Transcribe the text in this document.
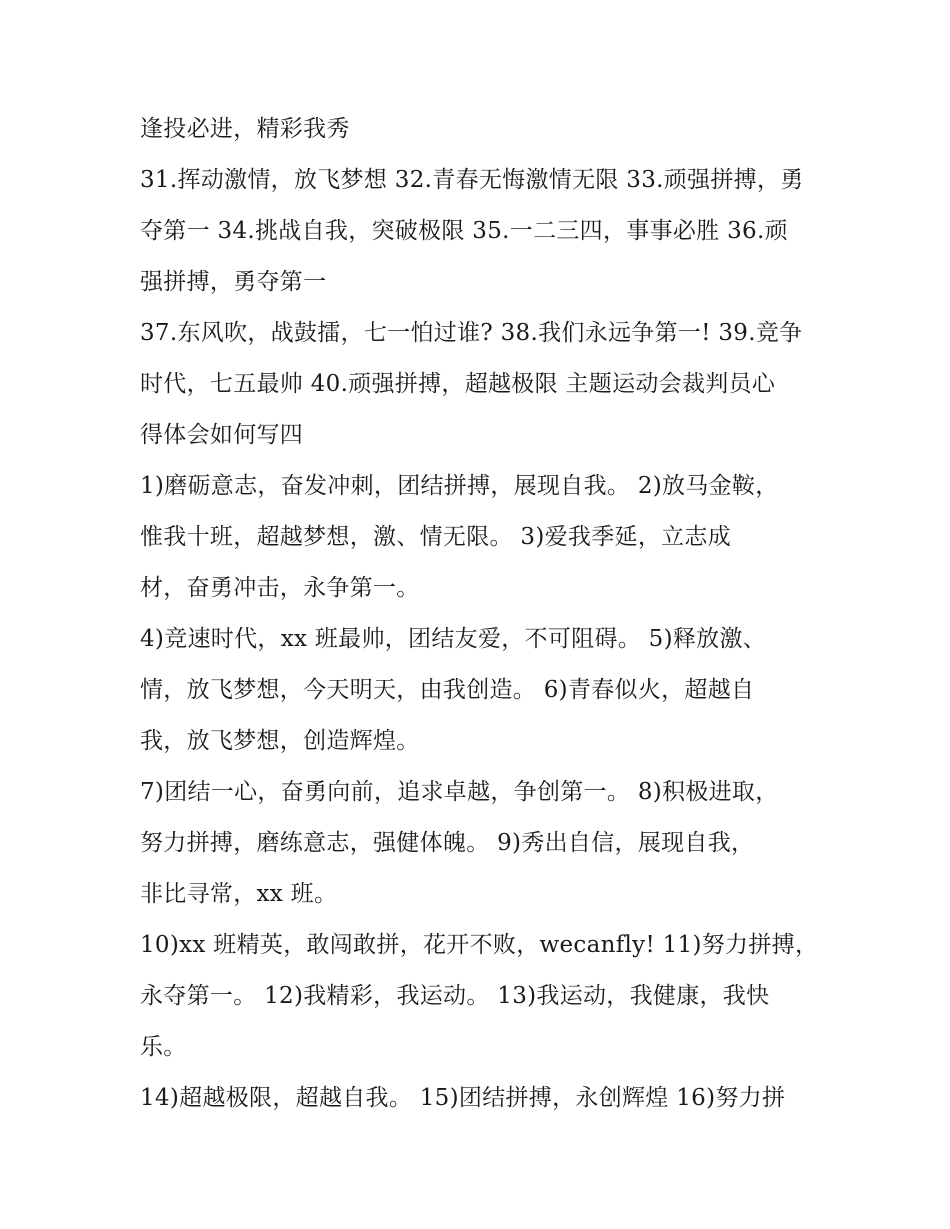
逢投必进，精彩我秀
31.挥动激情，放飞梦想 32.青春无悔激情无限 33.顽强拼搏，勇
夺第一 34.挑战自我，突破极限 35.一二三四，事事必胜 36.顽
强拼搏，勇夺第一
37.东风吹，战鼓擂，七一怕过谁? 38.我们永远争第一! 39.竞争
时代，七五最帅 40.顽强拼搏，超越极限 主题运动会裁判员心
得体会如何写四
1)磨砺意志，奋发冲刺，团结拼搏，展现自我。 2)放马金鞍，
惟我十班，超越梦想，激、情无限。 3)爱我季延，立志成
材，奋勇冲击，永争第一。
4)竞速时代，xx 班最帅，团结友爱，不可阻碍。 5)释放激、
情，放飞梦想，今天明天，由我创造。 6)青春似火，超越自
我，放飞梦想，创造辉煌。
7)团结一心，奋勇向前，追求卓越，争创第一。 8)积极进取，
努力拼搏，磨练意志，强健体魄。 9)秀出自信，展现自我，
非比寻常，xx 班。
10)xx 班精英，敢闯敢拼，花开不败，wecanfly! 11)努力拼搏，
永夺第一。 12)我精彩，我运动。 13)我运动，我健康，我快
乐。
14)超越极限，超越自我。 15)团结拼搏，永创辉煌 16)努力拼
